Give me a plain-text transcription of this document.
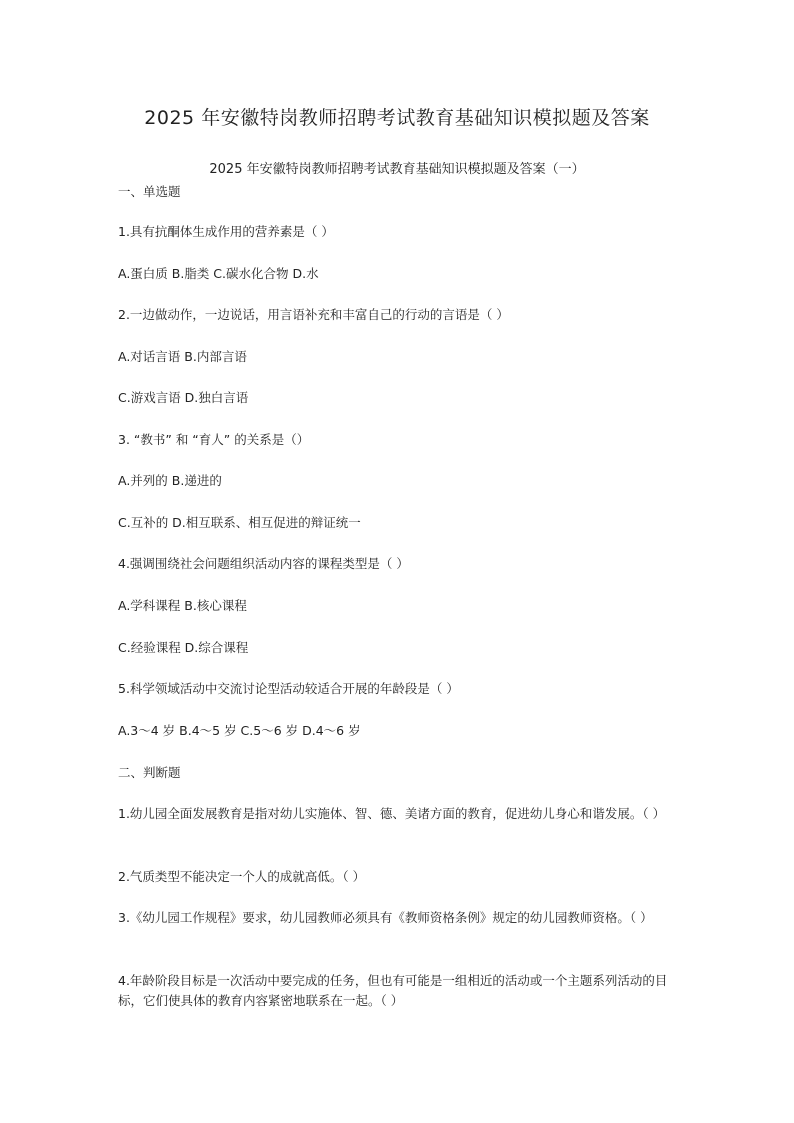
2025 年安徽特岗教师招聘考试教育基础知识模拟题及答案

2025 年安徽特岗教师招聘考试教育基础知识模拟题及答案（一）

一、单选题

1.具有抗酮体生成作用的营养素是（ ）

A.蛋白质 B.脂类 C.碳水化合物 D.水

2.一边做动作，一边说话，用言语补充和丰富自己的行动的言语是（ ）

A.对话言语 B.内部言语

C.游戏言语 D.独白言语

3. “教书” 和 “育人” 的关系是（）

A.并列的 B.递进的

C.互补的 D.相互联系、相互促进的辩证统一

4.强调围绕社会问题组织活动内容的课程类型是（ ）

A.学科课程 B.核心课程

C.经验课程 D.综合课程

5.科学领域活动中交流讨论型活动较适合开展的年龄段是（ ）

A.3～4 岁 B.4～5 岁 C.5～6 岁 D.4～6 岁

二、判断题

1.幼儿园全面发展教育是指对幼儿实施体、智、德、美诸方面的教育，促进幼儿身心和谐发展。（ ）

2.气质类型不能决定一个人的成就高低。（ ）

3.《幼儿园工作规程》要求，幼儿园教师必须具有《教师资格条例》规定的幼儿园教师资格。（ ）

4.年龄阶段目标是一次活动中要完成的任务，但也有可能是一组相近的活动或一个主题系列活动的目标，它们使具体的教育内容紧密地联系在一起。（ ）
